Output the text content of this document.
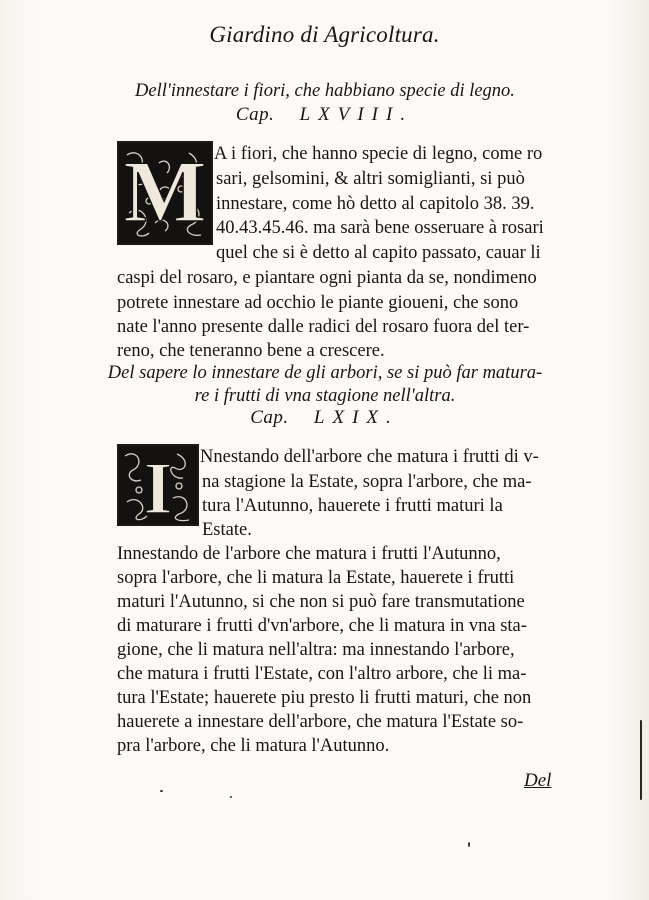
Giardino di Agricoltura.
Dell'innestare i fiori, che habbiano specie di legno.
Cap. LXVIII.
M A i fiori, che hanno specie di legno, come ro
sari, gelsomini, & altri somiglianti, si può
innestare, come hò detto al capitolo 38. 39.
40.43.45.46. ma sarà bene osseruare à rosari
quel che si è detto al capito passato, cauar li
caspi del rosaro, e piantare ogni pianta da se, nondimeno
potrete innestare ad occhio le piante gioueni, che sono
nate l'anno presente dalle radici del rosaro fuora del ter-
reno, che teneranno bene a crescere.
Del sapere lo innestare de gli arbori, se si può far matura-
re i frutti di vna stagione nell'altra.
Cap. LXIX.
I Nnestando dell'arbore che matura i frutti di v-
na stagione la Estate, sopra l'arbore, che ma-
tura l'Autunno, hauerete i frutti maturi la
Estate.
Innestando de l'arbore che matura i frutti l'Autunno,
sopra l'arbore, che li matura la Estate, hauerete i frutti
maturi l'Autunno, si che non si può fare transmutatione
di maturare i frutti d'vn'arbore, che li matura in vna sta-
gione, che li matura nell'altra: ma innestando l'arbore,
che matura i frutti l'Estate, con l'altro arbore, che li ma-
tura l'Estate; hauerete piu presto li frutti maturi, che non
hauerete a innestare dell'arbore, che matura l'Estate so-
pra l'arbore, che li matura l'Autunno.
Del
